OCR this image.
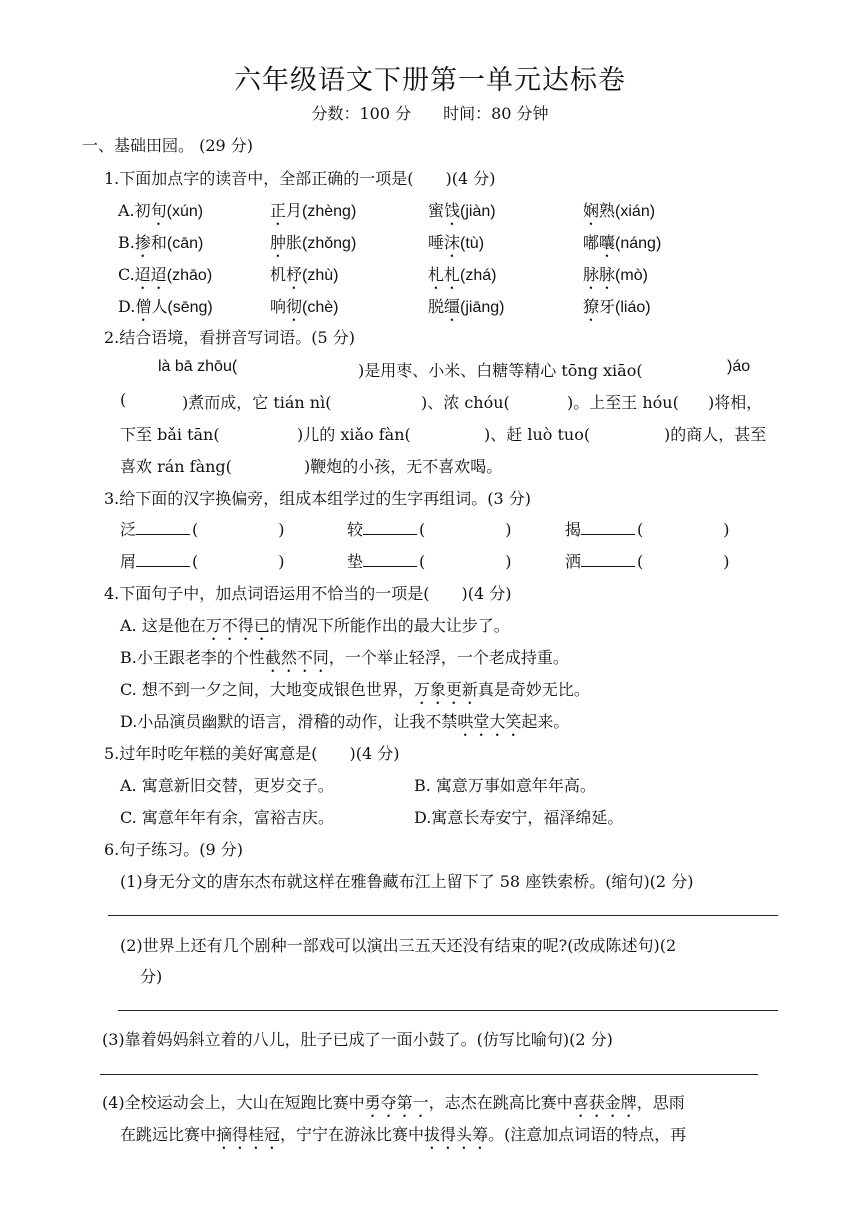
六年级语文下册第一单元达标卷
分数：100 分　　时间：80 分钟
一、基础田园。 (29 分)
1.下面加点字的读音中，全部正确的一项是(　　)(4 分)
A.初旬(xún)	正月(zhèng)	蜜饯(jiàn)	娴熟(xián)
B.掺和(cān)	肿胀(zhǒng)	唾沫(tù)	嘟囔(náng)
C.迢迢(zhāo)	机杼(zhù)	札札(zhá)	脉脉(mò)
D.僧人(sēng)	响彻(chè)	脱缰(jiāng)	獠牙(liáo)
2.结合语境，看拼音写词语。(5 分)
là bā zhōu(	)是用枣、小米、白糖等精心 tōng xiāo(	)áo
(	)煮而成，它 tián nì(	)、浓 chóu(	)。上至王 hóu( )将相，
下至 bǎi tān(	)儿的 xiǎo fàn(	)、赶 luò tuo(	)的商人，甚至
喜欢 rán fàng(	)鞭炮的小孩，无不喜欢喝。
3.给下面的汉字换偏旁，组成本组学过的生字再组词。(3 分)
泛	(	)	较	(	)	揭	(	)
屑	(	)	垫	(	)	洒	(	)
4.下面句子中，加点词语运用不恰当的一项是(　　)(4 分)
A. 这是他在万不得已的情况下所能作出的最大让步了。
B.小王跟老李的个性截然不同，一个举止轻浮，一个老成持重。
C. 想不到一夕之间，大地变成银色世界，万象更新真是奇妙无比。
D.小品演员幽默的语言，滑稽的动作，让我不禁哄堂大笑起来。
5.过年时吃年糕的美好寓意是(　　)(4 分)
A. 寓意新旧交替，更岁交子。	B. 寓意万事如意年年高。
C. 寓意年年有余，富裕吉庆。	D.寓意长寿安宁，福泽绵延。
6.句子练习。(9 分)
(1)身无分文的唐东杰布就这样在雅鲁藏布江上留下了 58 座铁索桥。(缩句)(2 分)
(2)世界上还有几个剧种一部戏可以演出三五天还没有结束的呢?(改成陈述句)(2
分)
(3)靠着妈妈斜立着的八儿，肚子已成了一面小鼓了。(仿写比喻句)(2 分)
(4)全校运动会上，大山在短跑比赛中勇夺第一，志杰在跳高比赛中喜获金牌，思雨
在跳远比赛中摘得桂冠，宁宁在游泳比赛中拔得头筹。(注意加点词语的特点，再
